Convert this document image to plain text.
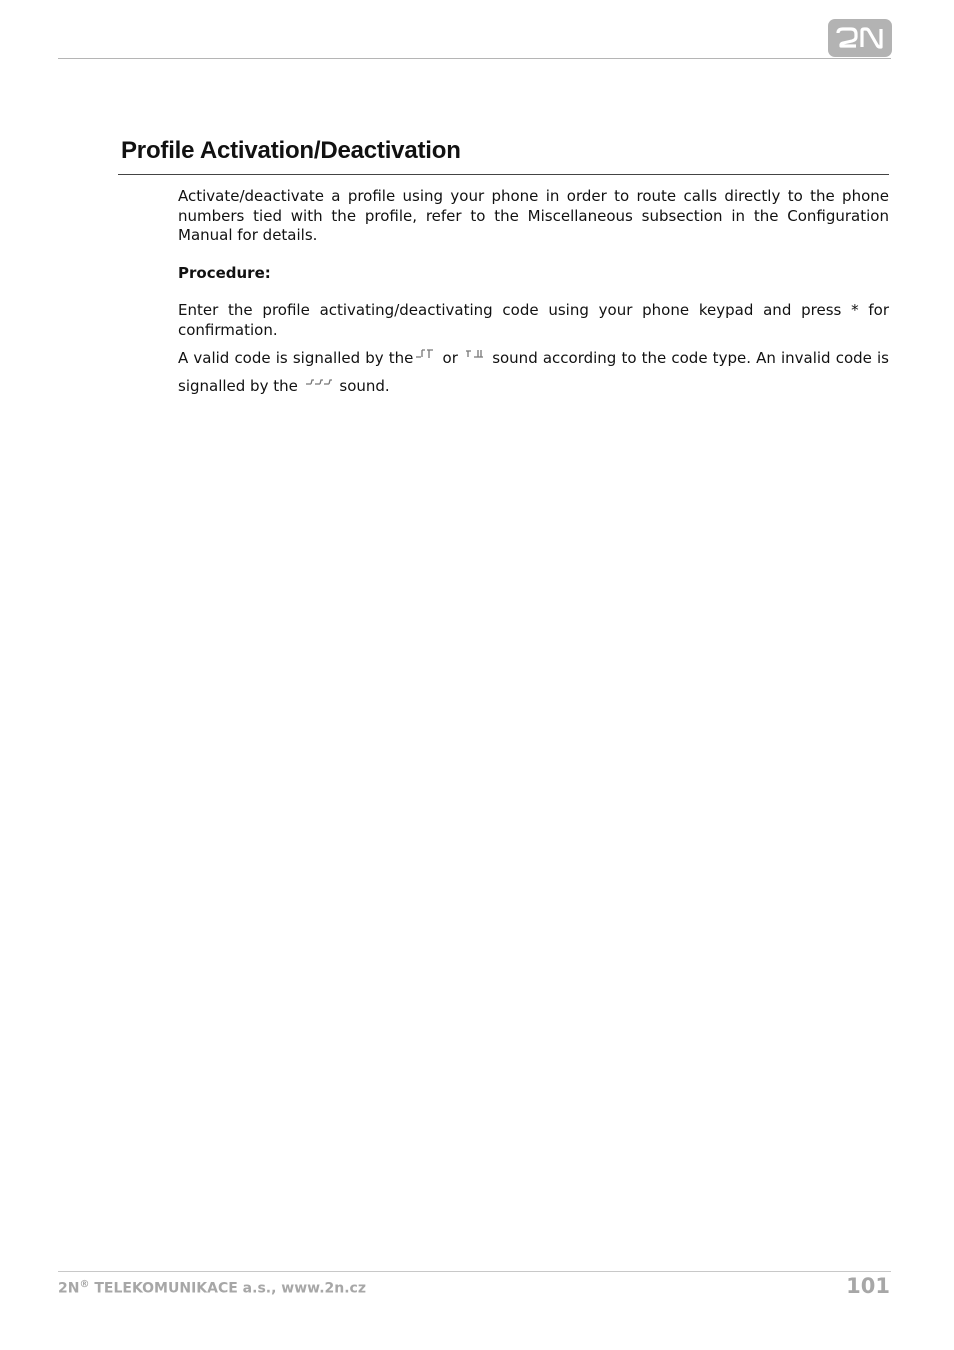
Profile Activation/Deactivation

Activate/deactivate a profile using your phone in order to route calls directly to the phone numbers tied with the profile, refer to the Miscellaneous subsection in the Configuration Manual for details.

Procedure:

Enter the profile activating/deactivating code using your phone keypad and press * for confirmation.

A valid code is signalled by the or sound according to the code type. An invalid code is signalled by the	sound.

2N® TELEKOMUNIKACE a.s., www.2n.cz	101
